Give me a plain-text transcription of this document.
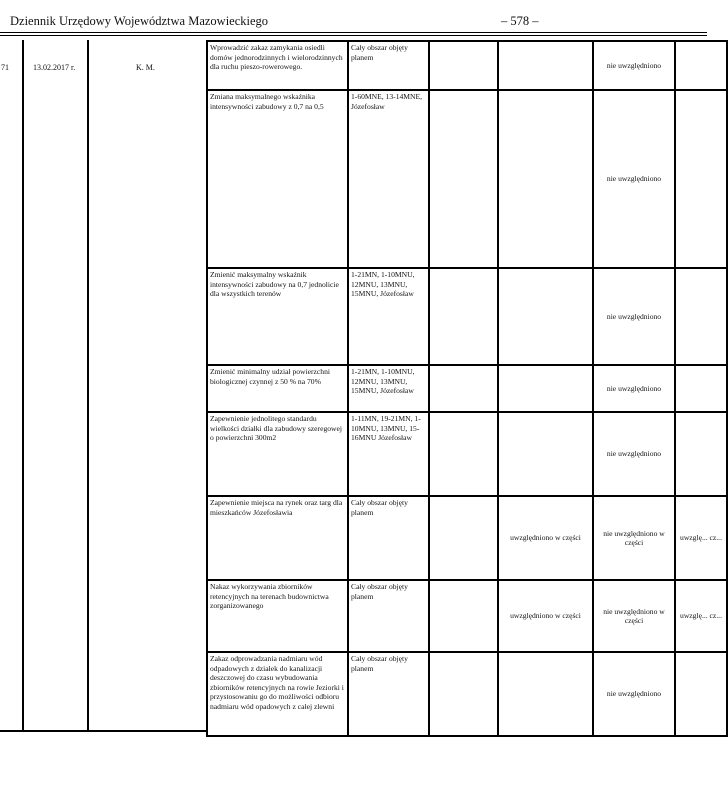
Dziennik Urzędowy Województwa Mazowieckiego	– 578 –
71	13.02.2017 r.	K. M.
Wprowadzić zakaz zamykania osiedli domów jednorodzinnych i wielorodzinnych dla ruchu pieszo-rowerowego.	Cały obszar objęty planem			nie uwzględniono	
Zmiana maksymalnego wskaźnika intensywności zabudowy z 0,7 na 0,5	1-60MNE, 13-14MNE, Józefosław			nie uwzględniono	
Zmienić maksymalny wskaźnik intensywności zabudowy na 0,7 jednolicie dla wszystkich terenów	1-21MN, 1-10MNU, 12MNU, 13MNU, 15MNU, Józefosław			nie uwzględniono	
Zmienić minimalny udział powierzchni biologicznej czynnej z 50 % na 70%	1-21MN, 1-10MNU, 12MNU, 13MNU, 15MNU, Józefosław			nie uwzględniono	
Zapewnienie jednolitego standardu wielkości działki dla zabudowy szeregowej o powierzchni 300m2	1-11MN, 19-21MN, 1-10MNU, 13MNU, 15-16MNU Józefosław			nie uwzględniono	
Zapewnienie miejsca na rynek oraz targ dla mieszkańców Józefosławia	Cały obszar objęty planem		uwzględniono w części	nie uwzględniono w części	uwzglę... cz...
Nakaz wykorzywania zbiorników retencyjnych na terenach budownictwa zorganizowanego	Cały obszar objęty planem		uwzględniono w części	nie uwzględniono w części	uwzglę... cz...
Zakaz odprowadzania nadmiaru wód odpadowych z działek do kanalizacji deszczowej do czasu wybudowania zbiorników retencyjnych na rowie Jeziorki i przystosowaniu go do możliwości odbioru nadmiaru wód opadowych z całej zlewni	Cały obszar objęty planem			nie uwzględniono	
